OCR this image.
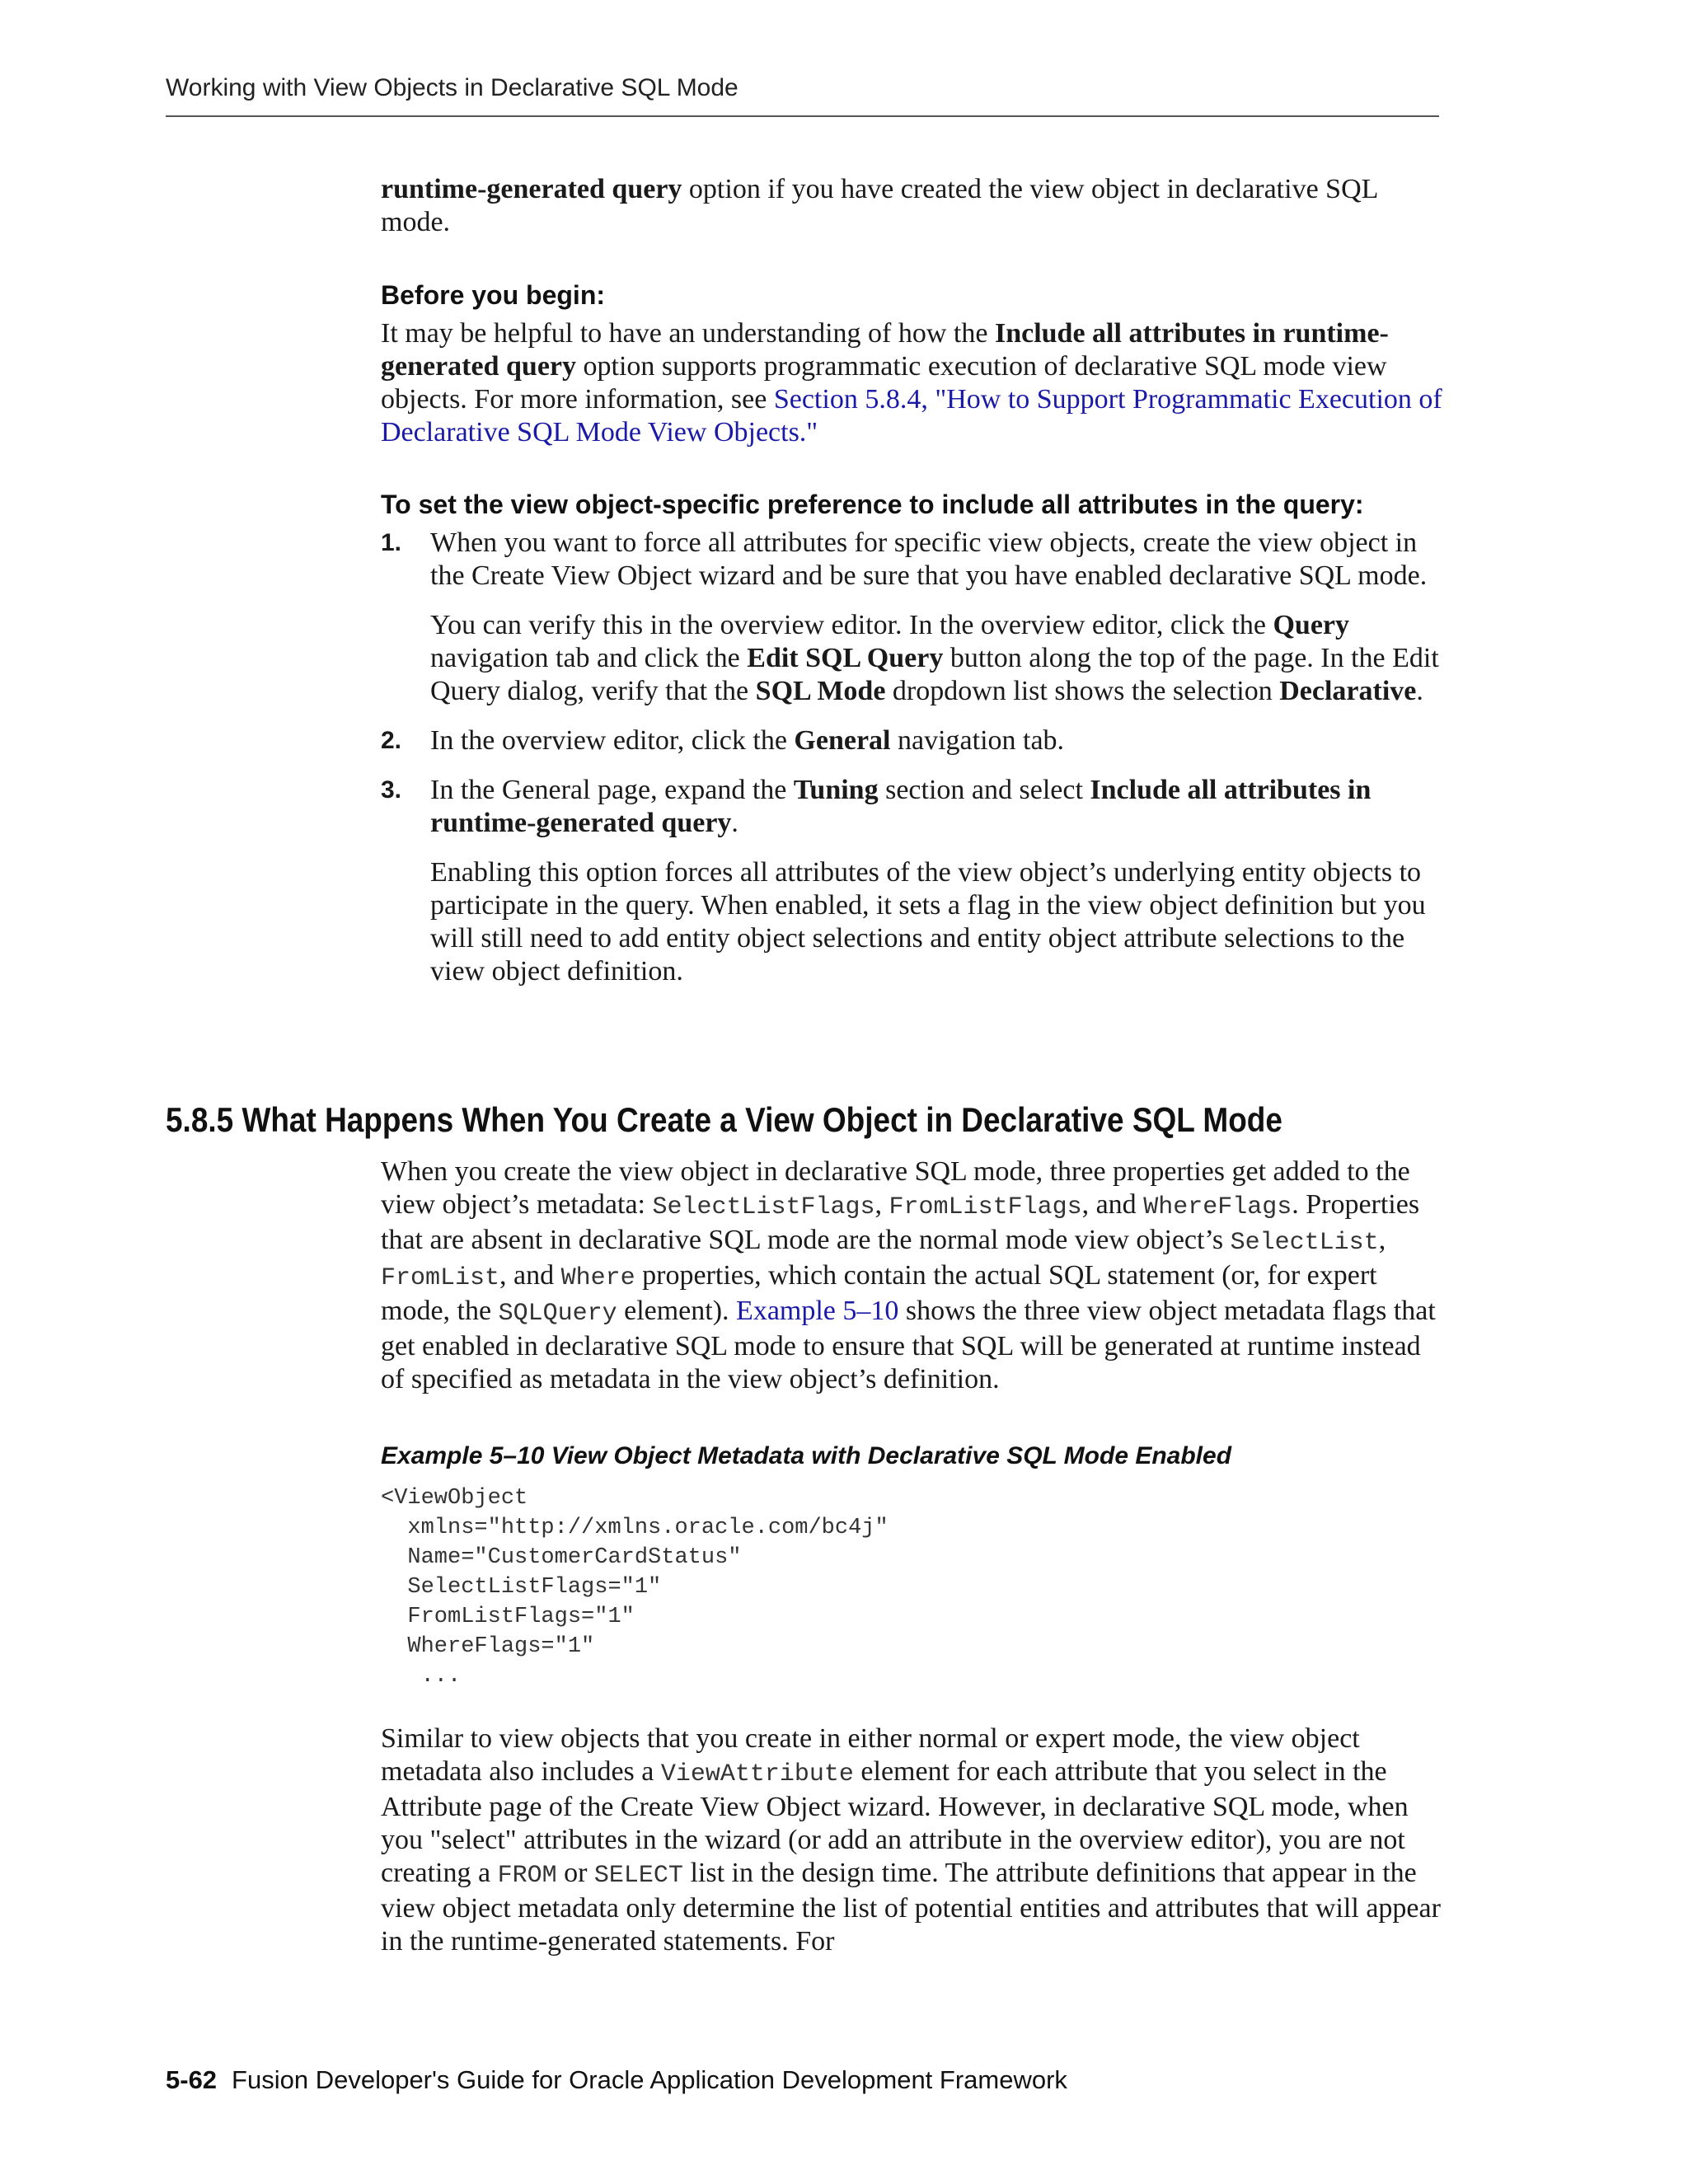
Working with View Objects in Declarative SQL Mode

runtime-generated query option if you have created the view object in declarative SQL mode.

Before you begin:

It may be helpful to have an understanding of how the Include all attributes in runtime-generated query option supports programmatic execution of declarative SQL mode view objects. For more information, see Section 5.8.4, "How to Support Programmatic Execution of Declarative SQL Mode View Objects."

To set the view object-specific preference to include all attributes in the query:
1. When you want to force all attributes for specific view objects, create the view object in the Create View Object wizard and be sure that you have enabled declarative SQL mode.

You can verify this in the overview editor. In the overview editor, click the Query navigation tab and click the Edit SQL Query button along the top of the page. In the Edit Query dialog, verify that the SQL Mode dropdown list shows the selection Declarative.

2. In the overview editor, click the General navigation tab.

3. In the General page, expand the Tuning section and select Include all attributes in runtime-generated query.

Enabling this option forces all attributes of the view object’s underlying entity objects to participate in the query. When enabled, it sets a flag in the view object definition but you will still need to add entity object selections and entity object attribute selections to the view object definition.

5.8.5 What Happens When You Create a View Object in Declarative SQL Mode

When you create the view object in declarative SQL mode, three properties get added to the view object’s metadata: SelectListFlags, FromListFlags, and WhereFlags. Properties that are absent in declarative SQL mode are the normal mode view object’s SelectList, FromList, and Where properties, which contain the actual SQL statement (or, for expert mode, the SQLQuery element). Example 5–10 shows the three view object metadata flags that get enabled in declarative SQL mode to ensure that SQL will be generated at runtime instead of specified as metadata in the view object’s definition.

Example 5–10 View Object Metadata with Declarative SQL Mode Enabled
<ViewObject
xmlns="http://xmlns.oracle.com/bc4j"
Name="CustomerCardStatus"
SelectListFlags="1"
FromListFlags="1"
WhereFlags="1"
...

Similar to view objects that you create in either normal or expert mode, the view object metadata also includes a ViewAttribute element for each attribute that you select in the Attribute page of the Create View Object wizard. However, in declarative SQL mode, when you "select" attributes in the wizard (or add an attribute in the overview editor), you are not creating a FROM or SELECT list in the design time. The attribute definitions that appear in the view object metadata only determine the list of potential entities and attributes that will appear in the runtime-generated statements. For

5-62 Fusion Developer's Guide for Oracle Application Development Framework
